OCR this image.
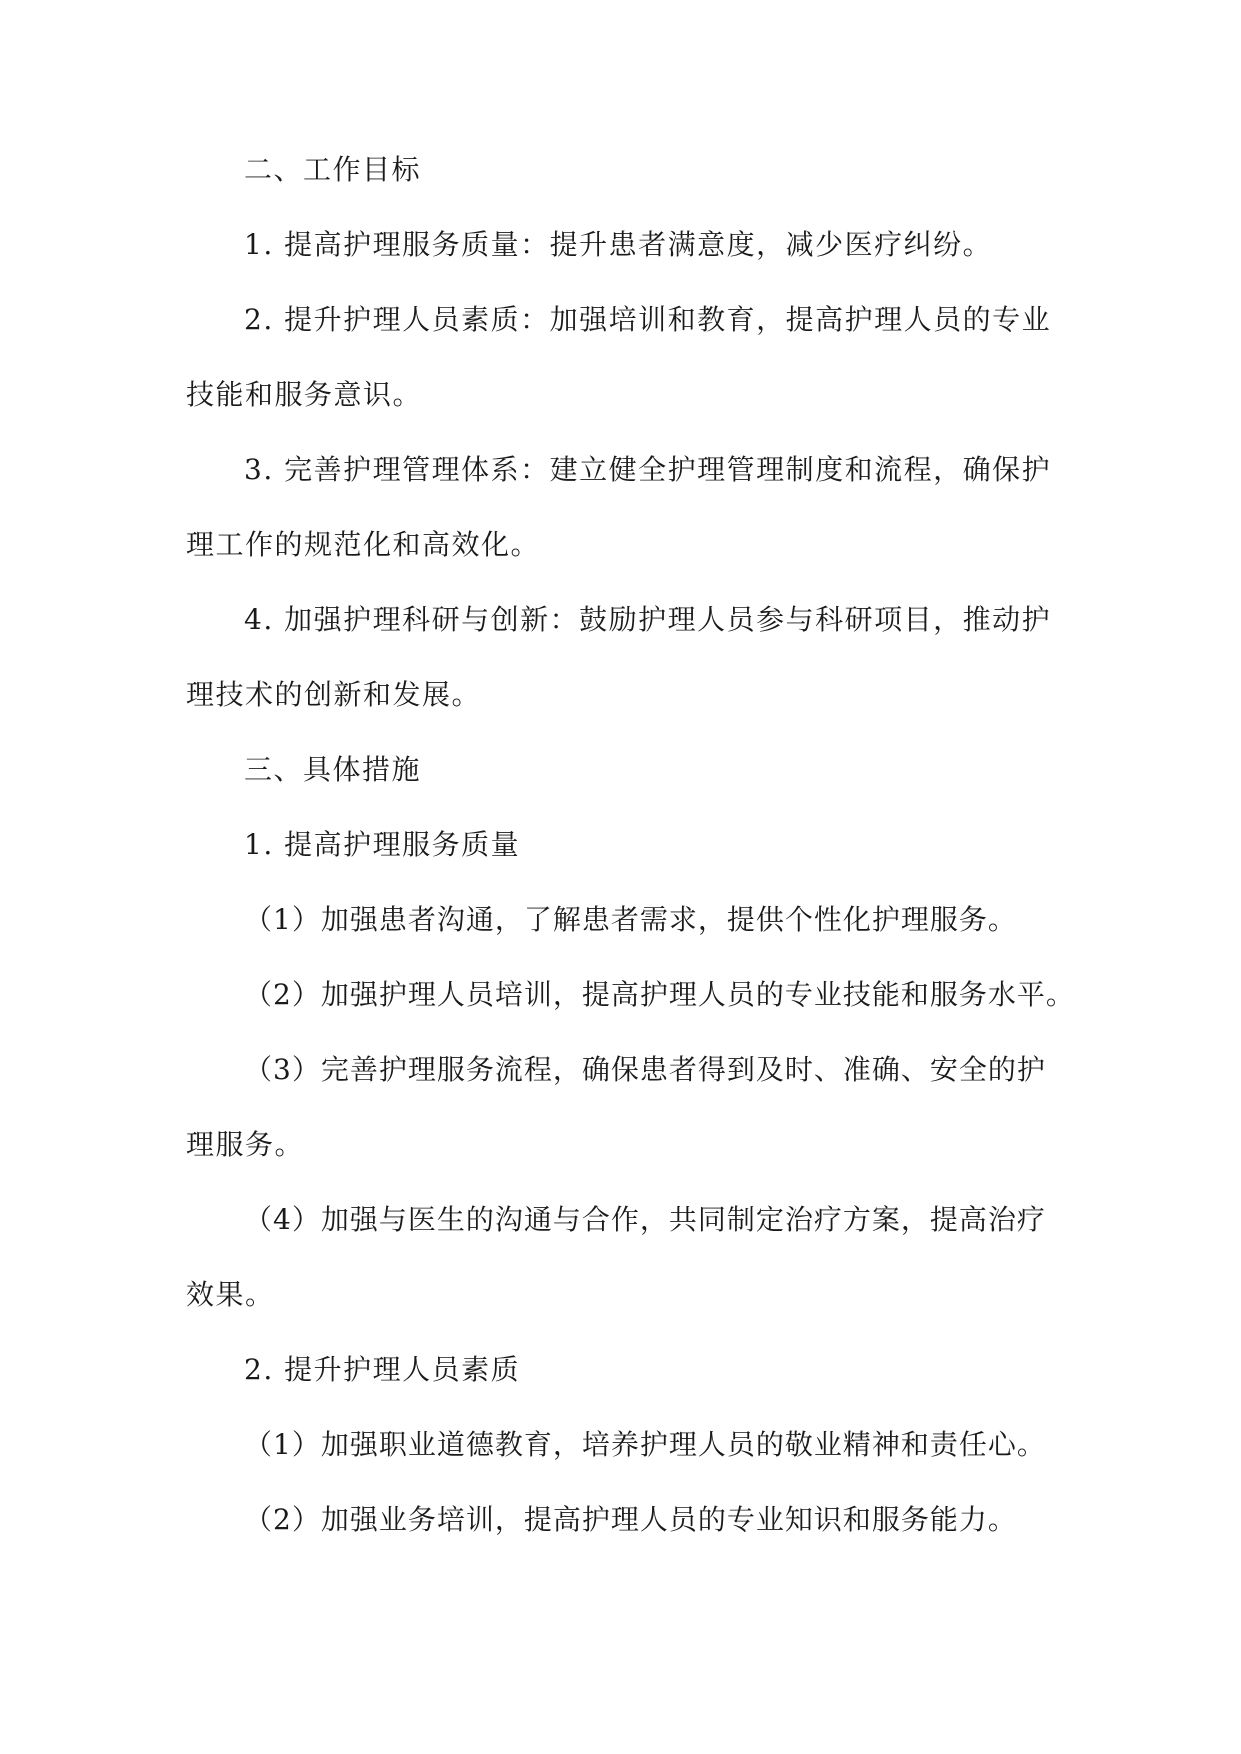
二、工作目标
1. 提高护理服务质量：提升患者满意度，减少医疗纠纷。
2. 提升护理人员素质：加强培训和教育，提高护理人员的专业
技能和服务意识。
3. 完善护理管理体系：建立健全护理管理制度和流程，确保护
理工作的规范化和高效化。
4. 加强护理科研与创新：鼓励护理人员参与科研项目，推动护
理技术的创新和发展。
三、具体措施
1. 提高护理服务质量
（1）加强患者沟通，了解患者需求，提供个性化护理服务。
（2）加强护理人员培训，提高护理人员的专业技能和服务水平。
（3）完善护理服务流程，确保患者得到及时、准确、安全的护
理服务。
（4）加强与医生的沟通与合作，共同制定治疗方案，提高治疗
效果。
2. 提升护理人员素质
（1）加强职业道德教育，培养护理人员的敬业精神和责任心。
（2）加强业务培训，提高护理人员的专业知识和服务能力。
